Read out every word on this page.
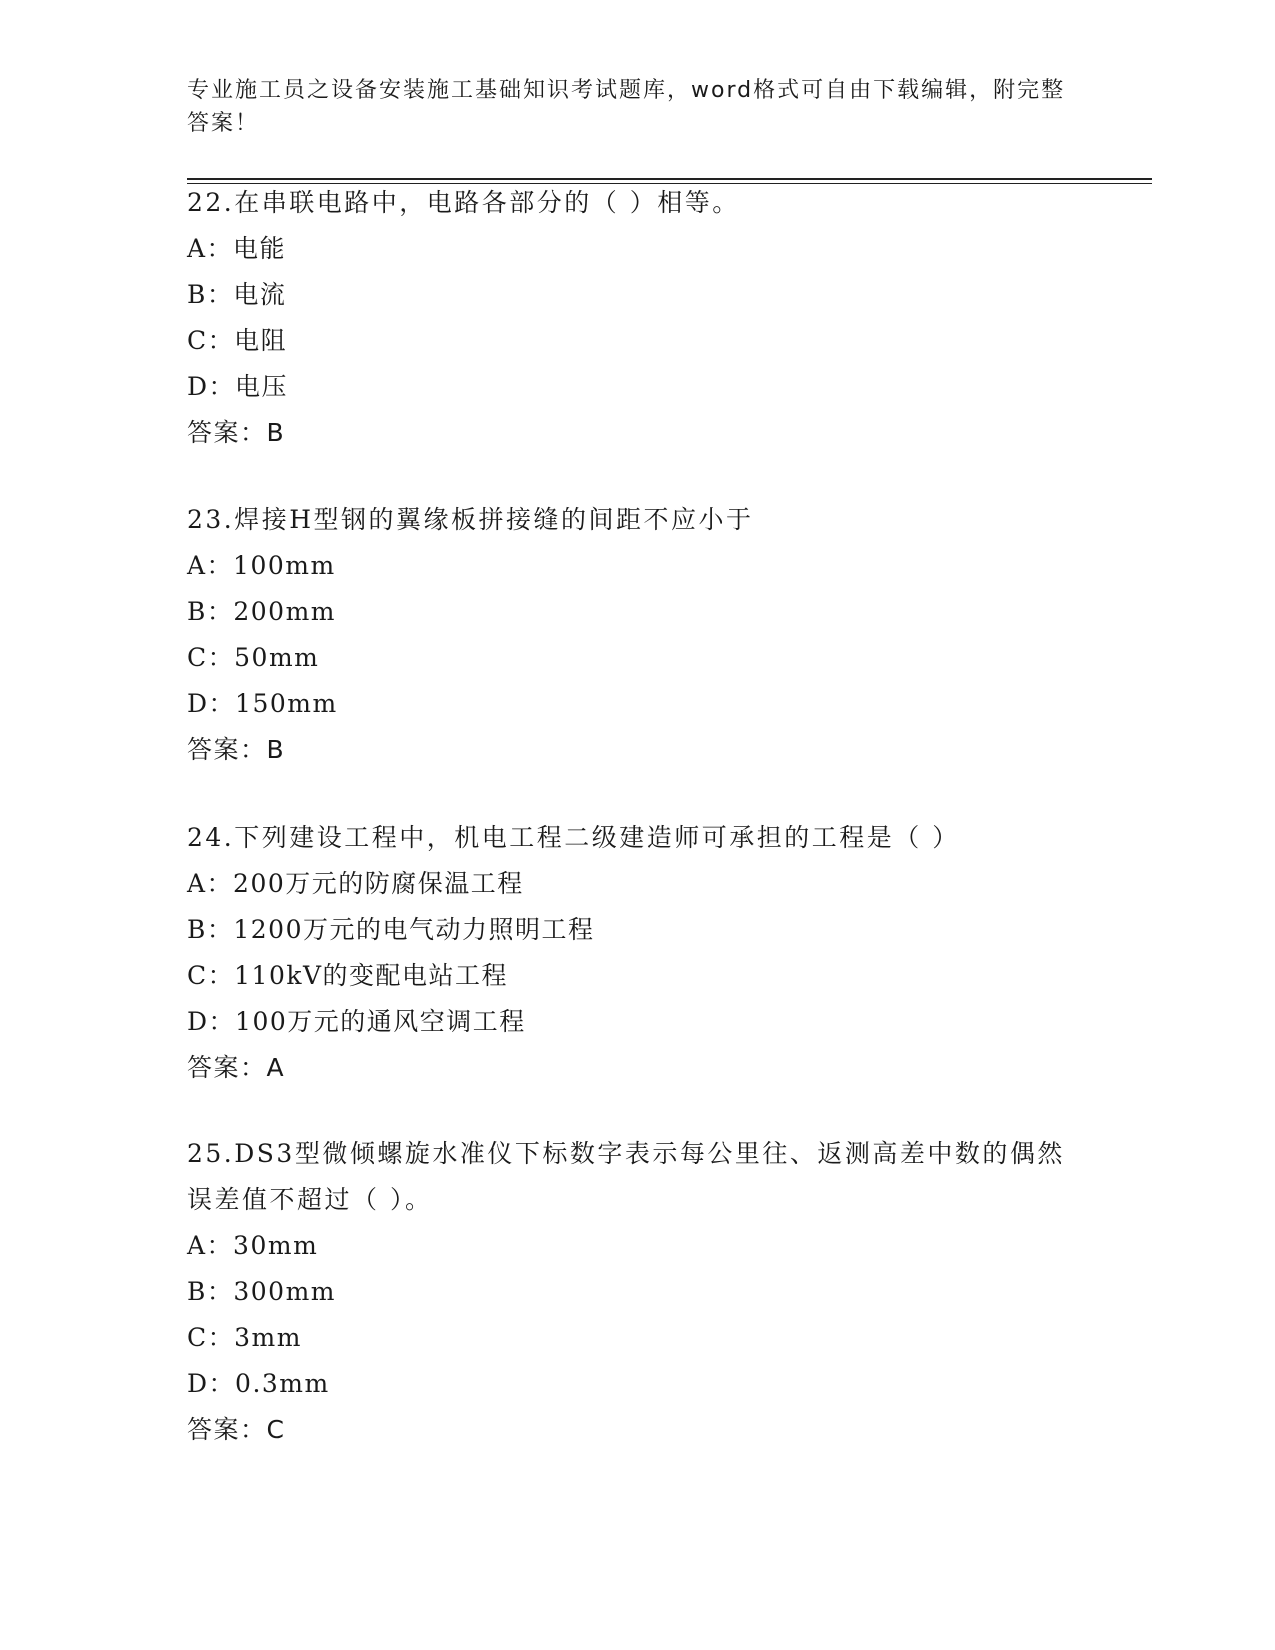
专业施工员之设备安装施工基础知识考试题库，word格式可自由下载编辑，附完整答案！

22.在串联电路中，电路各部分的（ ）相等。

A：电能

B：电流

C：电阻

D：电压

答案：B

23.焊接H型钢的翼缘板拼接缝的间距不应小于

A：100mm

B：200mm

C：50mm

D：150mm

答案：B

24.下列建设工程中，机电工程二级建造师可承担的工程是（ ）

A：200万元的防腐保温工程

B：1200万元的电气动力照明工程

C：110kV的变配电站工程

D：100万元的通风空调工程

答案：A

25.DS3型微倾螺旋水准仪下标数字表示每公里往、返测高差中数的偶然误差值不超过（ ）。

A：30mm

B：300mm

C：3mm

D：0.3mm

答案：C
